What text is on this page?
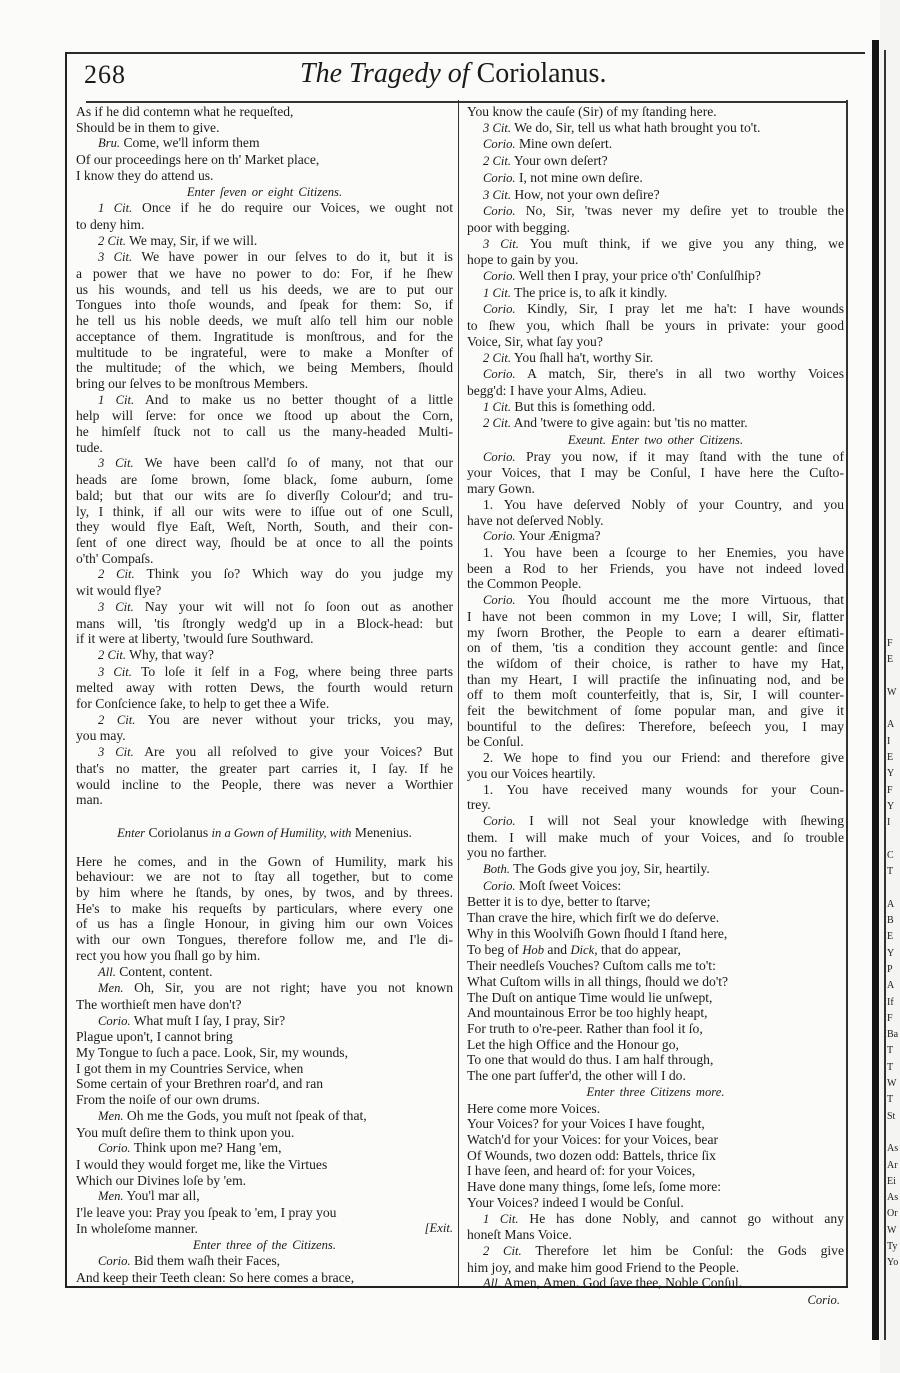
268	The Tragedy of Coriolanus.
As if he did contemn what he requeſted,
Should be in them to give.
Bru. Come, we'll inform them
Of our proceedings here on th' Market place,
I know they do attend us.
Enter ſeven or eight Citizens.
1 Cit. Once if he do require our Voices, we ought not
to deny him.
2 Cit. We may, Sir, if we will.
3 Cit. We have power in our ſelves to do it, but it is
a power that we have no power to do: For, if he ſhew
us his wounds, and tell us his deeds, we are to put our
Tongues into thoſe wounds, and ſpeak for them: So, if
he tell us his noble deeds, we muſt alſo tell him our noble
acceptance of them. Ingratitude is monſtrous, and for the
multitude to be ingrateful, were to make a Monſter of
the multitude; of the which, we being Members, ſhould
bring our ſelves to be monſtrous Members.
1 Cit. And to make us no better thought of a little
help will ſerve: for once we ſtood up about the Corn,
he himſelf ſtuck not to call us the many-headed Multi-
tude.
3 Cit. We have been call'd ſo of many, not that our
heads are ſome brown, ſome black, ſome auburn, ſome
bald; but that our wits are ſo diverſly Colour'd; and tru-
ly, I think, if all our wits were to iſſue out of one Scull,
they would flye Eaſt, Weſt, North, South, and their con-
ſent of one direct way, ſhould be at once to all the points
o'th' Compaſs.
2 Cit. Think you ſo? Which way do you judge my
wit would flye?
3 Cit. Nay your wit will not ſo ſoon out as another
mans will, 'tis ſtrongly wedg'd up in a Block-head: but
if it were at liberty, 'twould ſure Southward.
2 Cit. Why, that way?
3 Cit. To loſe it ſelf in a Fog, where being three parts
melted away with rotten Dews, the fourth would return
for Conſcience ſake, to help to get thee a Wife.
2 Cit. You are never without your tricks, you may,
you may.
3 Cit. Are you all reſolved to give your Voices? But
that's no matter, the greater part carries it, I ſay. If he
would incline to the People, there was never a Worthier
man.
Enter Coriolanus in a Gown of Humility, with Menenius.
Here he comes, and in the Gown of Humility, mark his
behaviour: we are not to ſtay all together, but to come
by him where he ſtands, by ones, by twos, and by threes.
He's to make his requeſts by particulars, where every one
of us has a ſingle Honour, in giving him our own Voices
with our own Tongues, therefore follow me, and I'le di-
rect you how you ſhall go by him.
All. Content, content.
Men. Oh, Sir, you are not right; have you not known
The worthieſt men have don't?
Corio. What muſt I ſay, I pray, Sir?
Plague upon't, I cannot bring
My Tongue to ſuch a pace. Look, Sir, my wounds,
I got them in my Countries Service, when
Some certain of your Brethren roar'd, and ran
From the noiſe of our own drums.
Men. Oh me the Gods, you muſt not ſpeak of that,
You muſt deſire them to think upon you.
Corio. Think upon me? Hang 'em,
I would they would forget me, like the Virtues
Which our Divines loſe by 'em.
Men. You'l mar all,
I'le leave you: Pray you ſpeak to 'em, I pray you
In wholeſome manner.	[Exit.
Enter three of the Citizens.
Corio. Bid them waſh their Faces,
And keep their Teeth clean: So here comes a brace,
You know the cauſe (Sir) of my ſtanding here.
3 Cit. We do, Sir, tell us what hath brought you to't.
Corio. Mine own deſert.
2 Cit. Your own deſert?
Corio. I, not mine own deſire.
3 Cit. How, not your own deſire?
Corio. No, Sir, 'twas never my deſire yet to trouble the
poor with begging.
3 Cit. You muſt think, if we give you any thing, we
hope to gain by you.
Corio. Well then I pray, your price o'th' Conſulſhip?
1 Cit. The price is, to aſk it kindly.
Corio. Kindly, Sir, I pray let me ha't: I have wounds
to ſhew you, which ſhall be yours in private: your good
Voice, Sir, what ſay you?
2 Cit. You ſhall ha't, worthy Sir.
Corio. A match, Sir, there's in all two worthy Voices
begg'd: I have your Alms, Adieu.
1 Cit. But this is ſomething odd.
2 Cit. And 'twere to give again: but 'tis no matter.
Exeunt. Enter two other Citizens.
Corio. Pray you now, if it may ſtand with the tune of
your Voices, that I may be Conſul, I have here the Cuſto-
mary Gown.
1. You have deſerved Nobly of your Country, and you
have not deſerved Nobly.
Corio. Your Ænigma?
1. You have been a ſcourge to her Enemies, you have
been a Rod to her Friends, you have not indeed loved
the Common People.
Corio. You ſhould account me the more Virtuous, that
I have not been common in my Love; I will, Sir, flatter
my ſworn Brother, the People to earn a dearer eſtimati-
on of them, 'tis a condition they account gentle: and ſince
the wiſdom of their choice, is rather to have my Hat,
than my Heart, I will practiſe the inſinuating nod, and be
off to them moſt counterfeitly, that is, Sir, I will counter-
feit the bewitchment of ſome popular man, and give it
bountiful to the deſires: Therefore, beſeech you, I may
be Conſul.
2. We hope to find you our Friend: and therefore give
you our Voices heartily.
1. You have received many wounds for your Coun-
trey.
Corio. I will not Seal your knowledge with ſhewing
them. I will make much of your Voices, and ſo trouble
you no farther.
Both. The Gods give you joy, Sir, heartily.
Corio. Moſt ſweet Voices:
Better it is to dye, better to ſtarve;
Than crave the hire, which firſt we do deſerve.
Why in this Woolviſh Gown ſhould I ſtand here,
To beg of Hob and Dick, that do appear,
Their needleſs Vouches? Cuſtom calls me to't:
What Cuſtom wills in all things, ſhould we do't?
The Duſt on antique Time would lie unſwept,
And mountainous Error be too highly heapt,
For truth to o're-peer. Rather than fool it ſo,
Let the high Office and the Honour go,
To one that would do thus. I am half through,
The one part ſuffer'd, the other will I do.
Enter three Citizens more.
Here come more Voices.
Your Voices? for your Voices I have fought,
Watch'd for your Voices: for your Voices, bear
Of Wounds, two dozen odd: Battels, thrice ſix
I have ſeen, and heard of: for your Voices,
Have done many things, ſome leſs, ſome more:
Your Voices? indeed I would be Conſul.
1 Cit. He has done Nobly, and cannot go without any
honeſt Mans Voice.
2 Cit. Therefore let him be Conſul: the Gods give
him joy, and make him good Friend to the People.
All. Amen, Amen. God ſave thee, Noble Conſul.
Corio.
F
E
W
A
I
E
Y
F
Y
I
C
T
A
B
E
Y
P
A
If
F
Ba
T
T
W
T
St
As
Ar
Ei
As
Or
W
Ty
Yo
